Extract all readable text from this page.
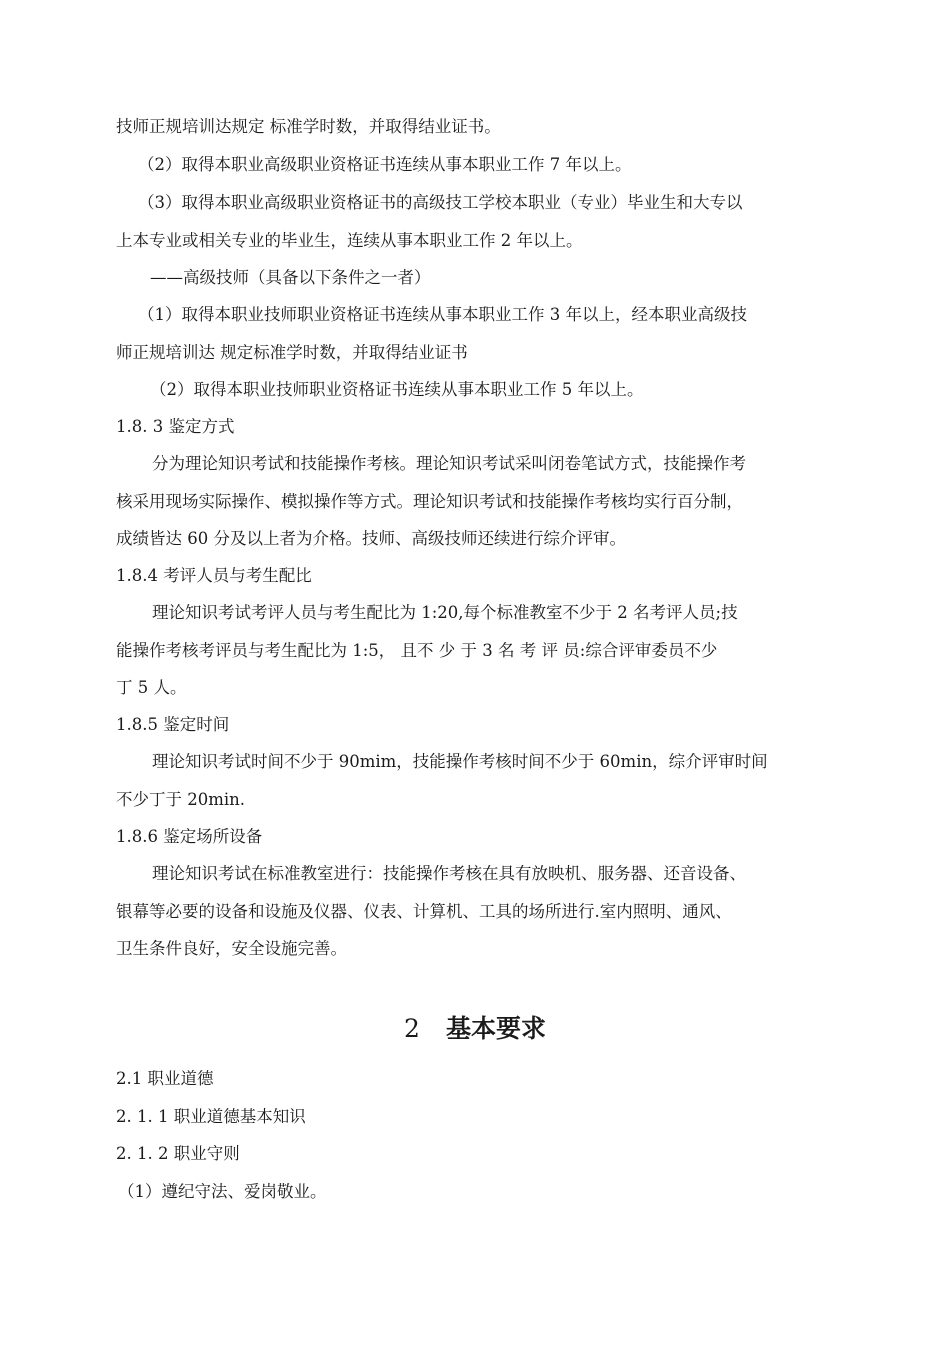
技师正规培训达规定 标准学时数，并取得结业证书。
（2）取得本职业高级职业资格证书连续从事本职业工作 7 年以上。
（3）取得本职业高级职业资格证书的高级技工学校本职业（专业）毕业生和大专以
上本专业或相关专业的毕业生，连续从事本职业工作 2 年以上。
——高级技师（具备以下条件之一者）
（1）取得本职业技师职业资格证书连续从事本职业工作 3 年以上，经本职业高级技
师正规培训达 规定标准学时数，并取得结业证书
（2）取得本职业技师职业资格证书连续从事本职业工作 5 年以上。
1.8. 3 鉴定方式
分为理论知识考试和技能操作考核。理论知识考试采叫闭卷笔试方式，技能操作考
核采用现场实际操作、模拟操作等方式。理论知识考试和技能操作考核均实行百分制，
成绩皆达 60 分及以上者为介格。技师、高级技师还续进行综介评审。
1.8.4 考评人员与考生配比
理论知识考试考评人员与考生配比为 1:20,每个标准教室不少于 2 名考评人员;技
能操作考核考评员与考生配比为 1:5， 且不 少 于 3 名 考 评 员:综合评审委员不少
丁 5 人。
1.8.5 鉴定时间
理论知识考试时间不少于 90mim，技能操作考核时间不少于 60min，综介评审时间
不少丁于 20min.
1.8.6 鉴定场所设备
理论知识考试在标准教室进行：技能操作考核在具有放映机、服务器、还音设备、
银幕等必要的设备和设施及仪器、仪表、计算机、工具的场所进行.室内照明、通风、
卫生条件良好，安全设施完善。
2 基本要求
2.1 职业道德
2. 1. 1 职业道德基本知识
2. 1. 2 职业守则
（1）遵纪守法、爱岗敬业。
